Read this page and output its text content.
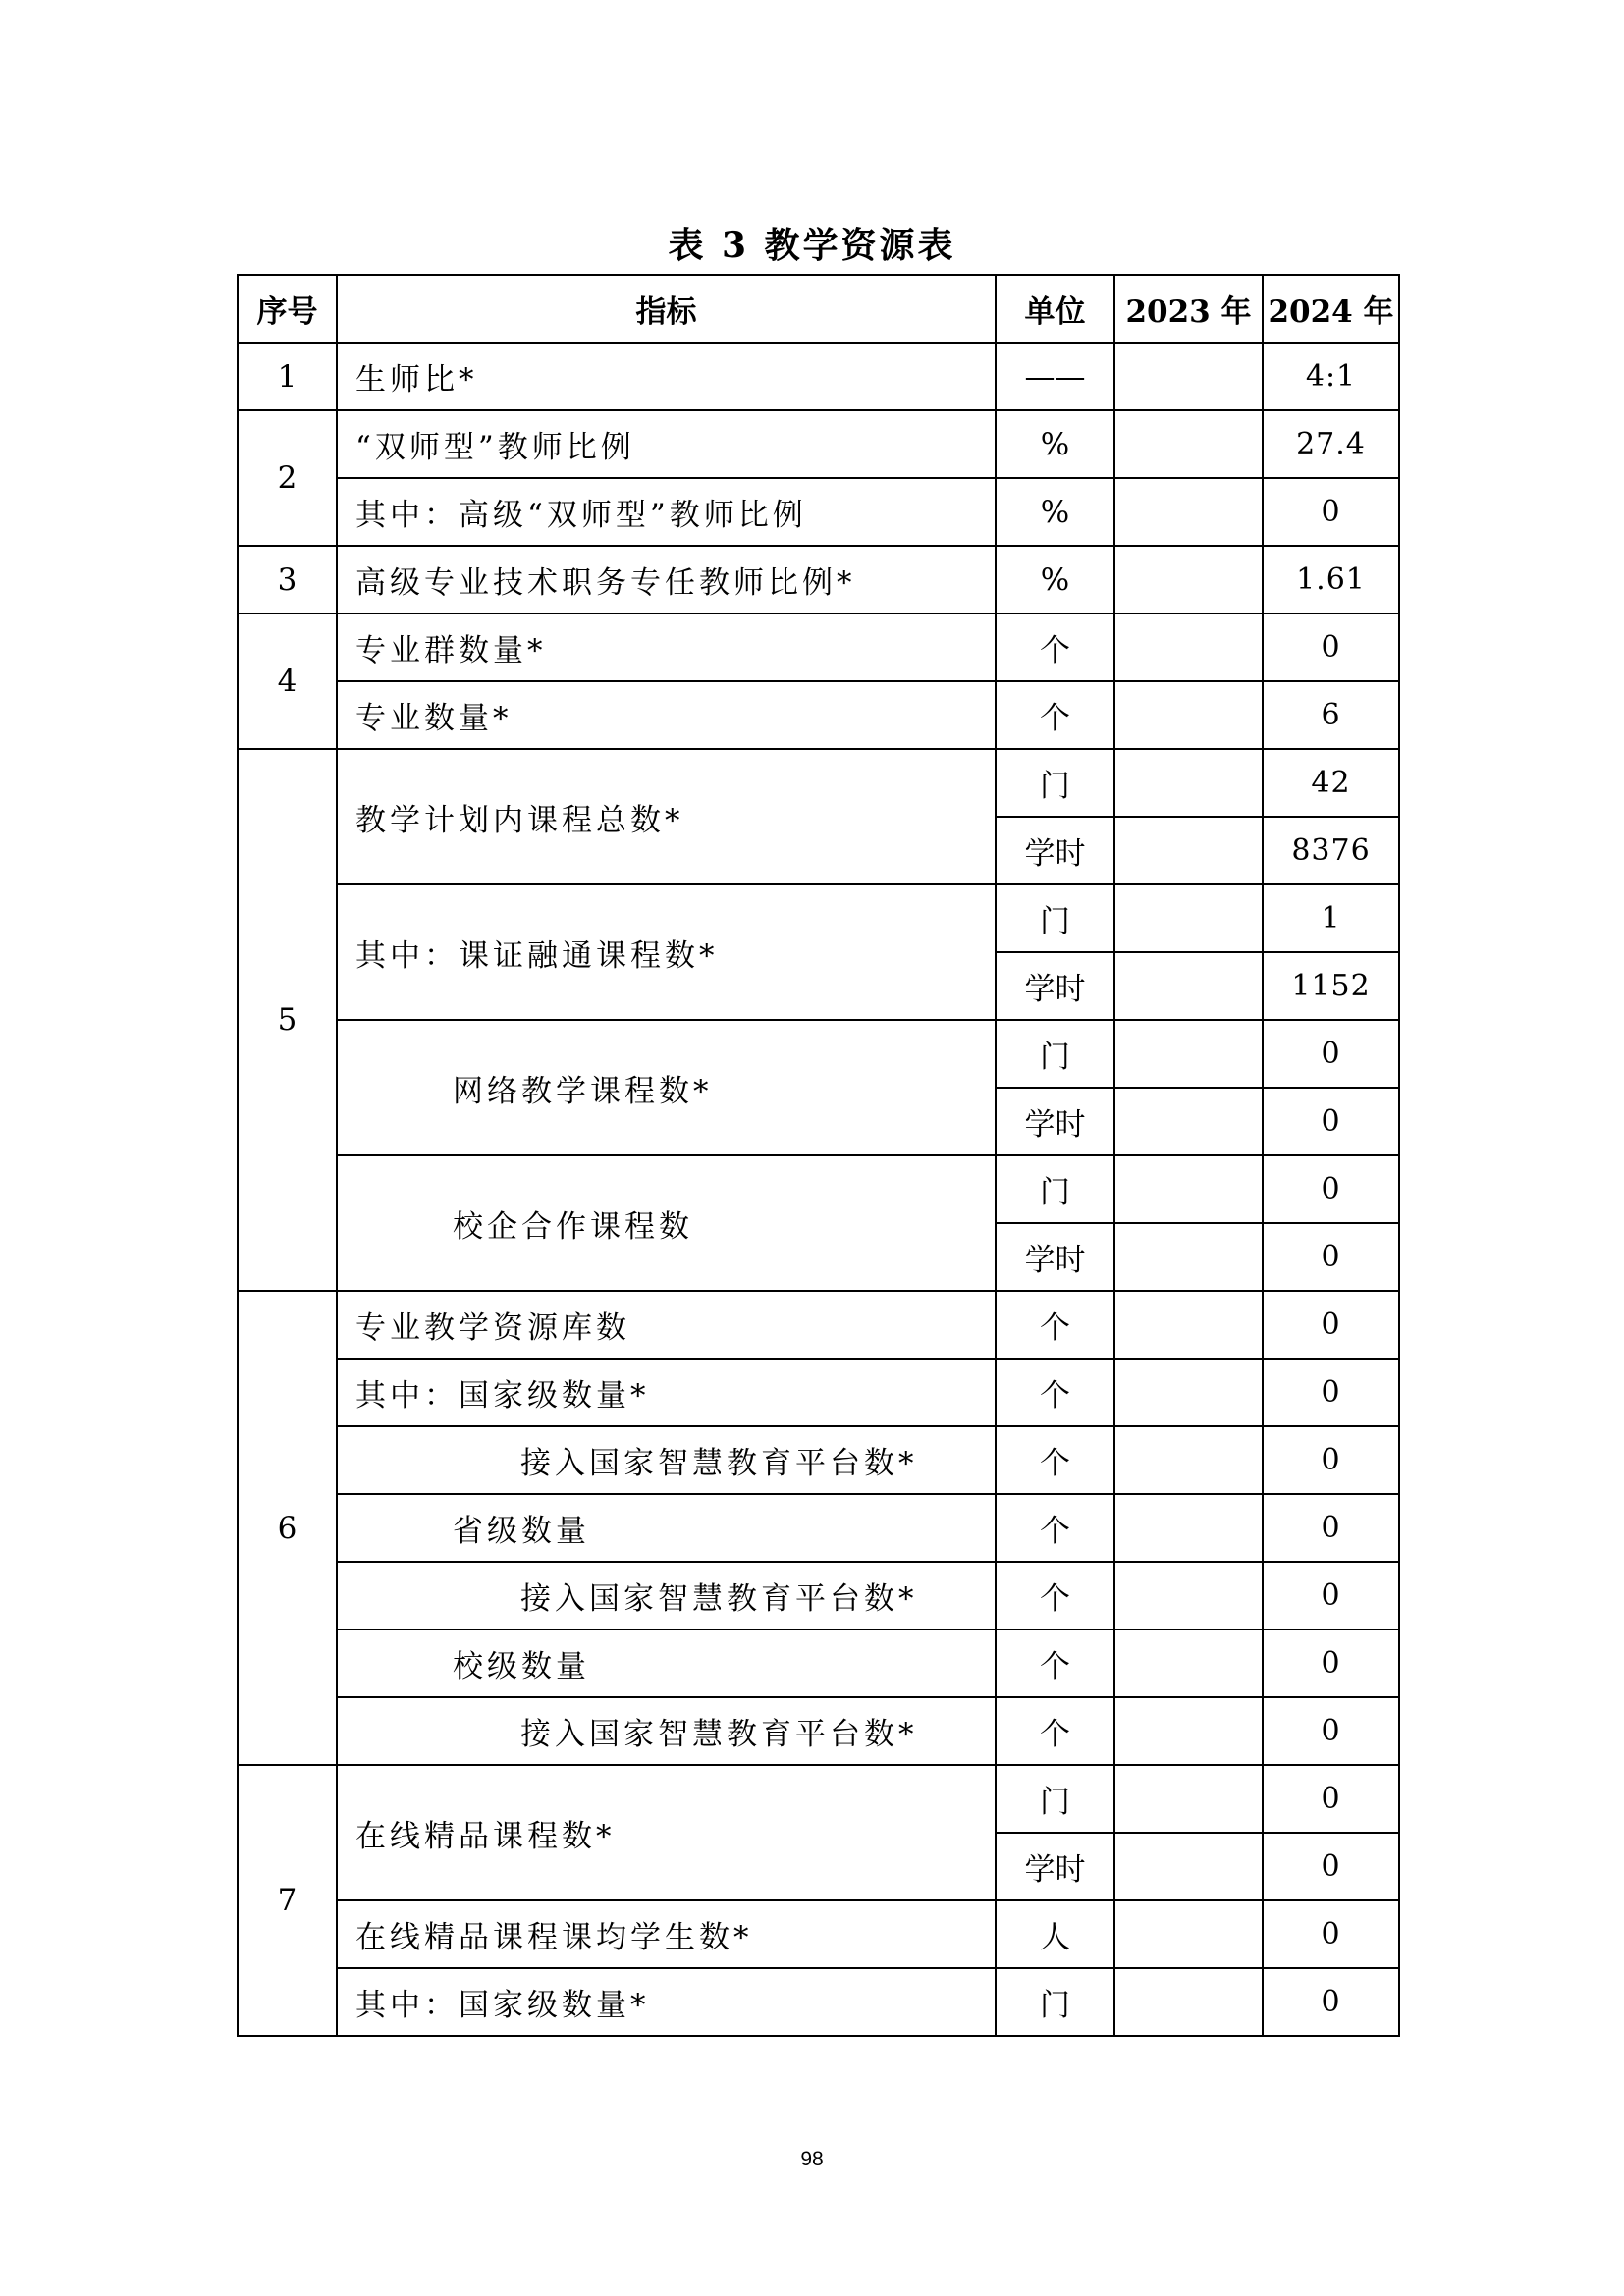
表 3 教学资源表
序号	指标	单位	2023 年	2024 年
1	生师比*	——		4:1
2	“双师型”教师比例	%		27.4
	其中：高级“双师型”教师比例	%		0
3	高级专业技术职务专任教师比例*	%		1.61
4	专业群数量*	个		0
	专业数量*	个		6
5	教学计划内课程总数*	门		42
		学时		8376
	其中：课证融通课程数*	门		1
		学时		1152
	网络教学课程数*	门		0
		学时		0
	校企合作课程数	门		0
		学时		0
6	专业教学资源库数	个		0
	其中：国家级数量*	个		0
	接入国家智慧教育平台数*	个		0
	省级数量	个		0
	接入国家智慧教育平台数*	个		0
	校级数量	个		0
	接入国家智慧教育平台数*	个		0
7	在线精品课程数*	门		0
		学时		0
	在线精品课程课均学生数*	人		0
	其中：国家级数量*	门		0
98
